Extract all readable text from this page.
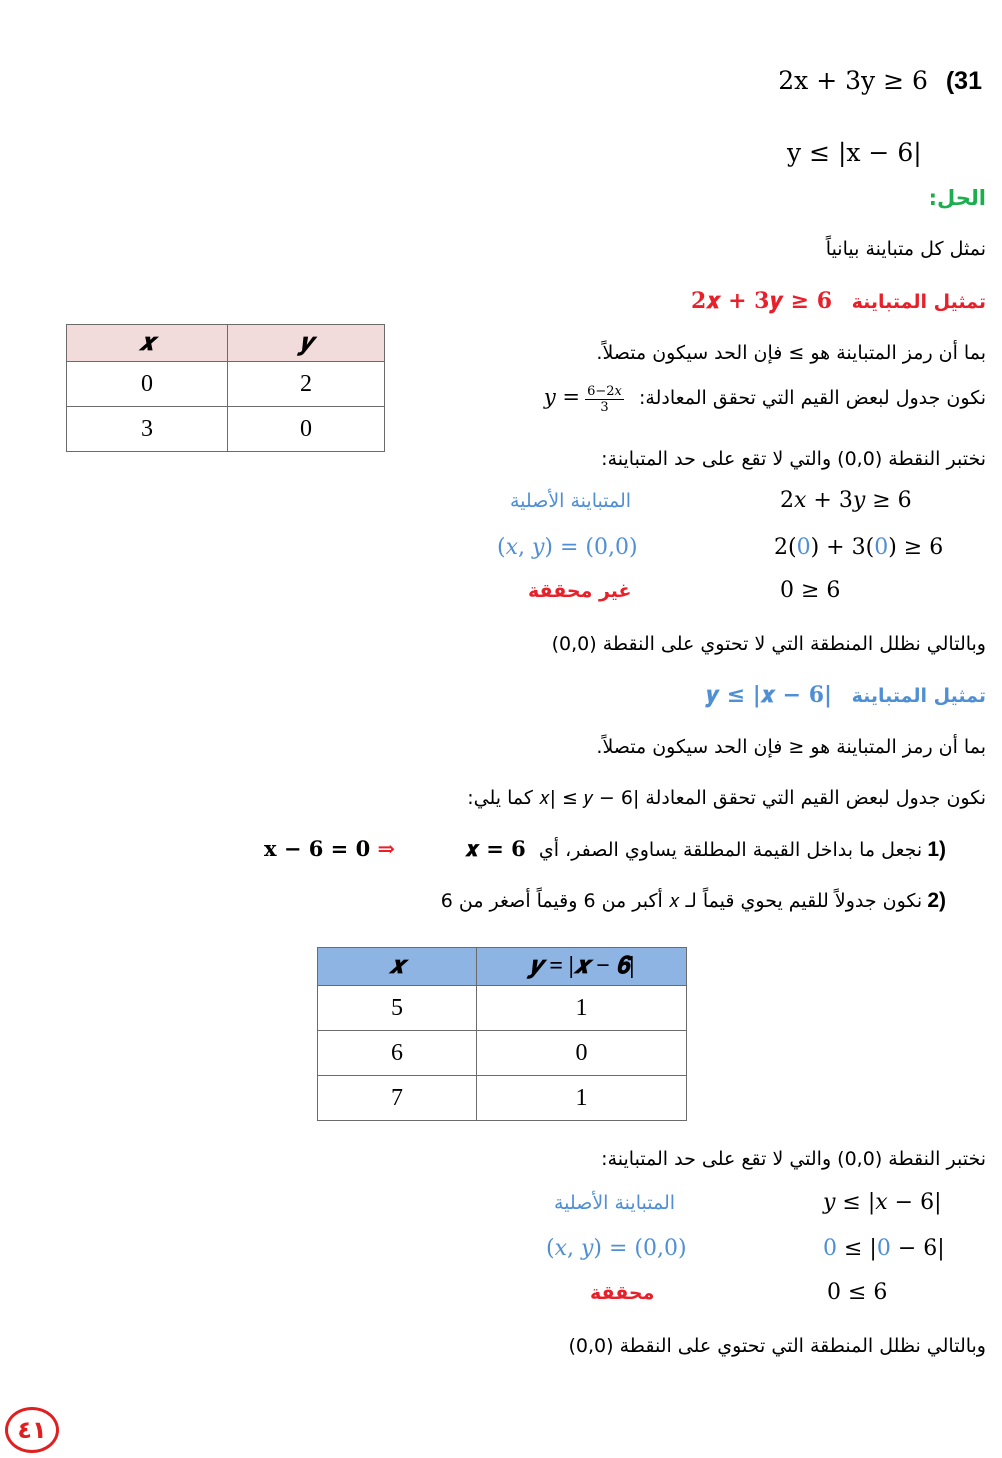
2x + 3y ≥ 6 (31
y ≤ |x − 6|
الحل:
نمثل كل متباينة بيانياً
تمثيل المتباينة 2𝒙 + 3𝒚 ≥ 6
بما أن رمز المتباينة هو ≥ فإن الحد سيكون متصلاً.
نكون جدول لبعض القيم التي تحقق المعادلة: 𝑦 = $\frac{\text{6−2𝑥}}{3}$
نختبر النقطة (0,0) والتي لا تقع على حد المتباينة:
المتباينة الأصلية	2𝑥 + 3𝑦 ≥ 6
(𝑥, 𝑦) = (0,0)	2(0) + 3(0) ≥ 6
غير محققة	0 ≥ 6
وبالتالي نظلل المنطقة التي لا تحتوي على النقطة (0,0)
𝒙	𝒚
0	2
3	0
تمثيل المتباينة 𝒚 ≤ |𝒙 − 6|
بما أن رمز المتباينة هو ≤ فإن الحد سيكون متصلاً.
نكون جدول لبعض القيم التي تحقق المعادلة |6 − 𝑥| ≤ 𝑦 كما يلي:
1) نجعل ما بداخل القيمة المطلقة يساوي الصفر، أي 𝒙 = 𝟔
𝐱 − 𝟔 = 𝟎 ⇒
2) نكون جدولاً للقيم يحوي قيماً لـ 𝑥 أكبر من 6 وقيماً أصغر من 6
𝒙	𝒚 = |𝒙 − 𝟔|
5	1
6	0
7	1
نختبر النقطة (0,0) والتي لا تقع على حد المتباينة:
المتباينة الأصلية	𝑦 ≤ |𝑥 − 6|
(𝑥, 𝑦) = (0,0)	0 ≤ |0 − 6|
محققة	0 ≤ 6
وبالتالي نظلل المنطقة التي تحتوي على النقطة (0,0)
٤١
